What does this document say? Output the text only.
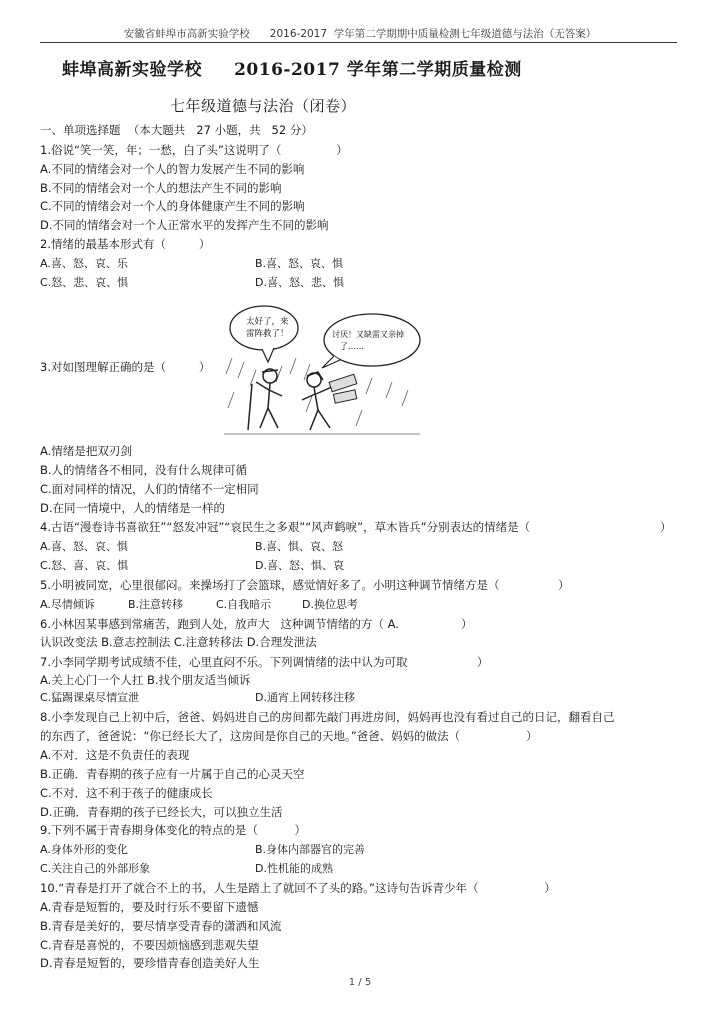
安徽省蚌埠市高新实验学校      2016-2017  学年第二学期期中质量检测七年级道德与法治（无答案）
蚌埠高新实验学校     2016-2017 学年第二学期质量检测
七年级道德与法治（闭卷）
一、单项选择题  （本大题共   27 小题，共   52 分）
1.俗说“笑一笑，年；一愁，白了头”这说明了（               ）
A.不同的情绪会对一个人的智力发展产生不同的影响
B.不同的情绪会对一个人的想法产生不同的影响
C.不同的情绪会对一个人的身体健康产生不同的影响
D.不同的情绪会对一个人正常水平的发挥产生不同的影响
2.情绪的最基本形式有（         ）
A.喜、怒、哀、乐	B.喜、怒、哀、惧
C.怒、悲、哀、惧	D.喜、怒、悲、惧
太好了，来
雷阵救了！	讨厌！又缺雷又亲掉
了……
3.对如图理解正确的是（         ）
A.情绪是把双刃剑
B.人的情绪各不相同，没有什么规律可循
C.面对同样的情况，人们的情绪不一定相同
D.在同一情境中，人的情绪是一样的
4.古语“漫卷诗书喜欲狂”“怒发冲冠”“哀民生之多艰”“风声鹤唳”，草木皆兵”分别表达的情绪是（	）
A.喜、怒、哀、惧	B.喜、惧、哀、怒
C.怒、喜、哀、惧	D.喜、怒、惧、哀
5.小明被同宽，心里很郁闷。来操场打了会篮球，感觉情好多了。小明这种调节情绪方是（                ）
A.尽情倾诉	B.注意转移	C.自我暗示	D.换位思考
6.小林因某事感到常痛苦，跑到人处，放声大   这种调节情绪的方（ A.                 ）
认识改变法 B.意志控制法 C.注意转移法 D.合理发泄法
7.小李同学期考试成绩不佳，心里直闷不乐。下列调情绪的法中认为可取                   ）
A.关上心门一个人扛 B.找个朋友适当倾诉
C.猛踢课桌尽情宣泄	D.通宵上网转移注移
8.小李发现自己上初中后，爸爸、妈妈进自己的房间都先敲门再进房间，妈妈再也没有看过自己的日记，翻看自己
的东西了，爸爸说：“你已经长大了，这房间是你自己的天地。”爸爸、妈妈的做法（                  ）
A.不对．这是不负责任的表现
B.正确．青春期的孩子应有一片属于自己的心灵天空
C.不对．这不利于孩子的健康成长
D.正确．青春期的孩子已经长大，可以独立生活
9.下列不属于青春期身体变化的特点的是（          ）
A.身体外形的变化	B.身体内部器官的完善
C.关注自己的外部形象	D.性机能的成熟
10.“青春是打开了就合不上的书，人生是踏上了就回不了头的路。”这诗句告诉青少年（                  ）
A.青春是短暂的，要及时行乐不要留下遗憾
B.青春是美好的，要尽情享受青春的潇洒和风流
C.青春是喜悦的，不要因烦恼感到悲观失望
D.青春是短暂的，要珍惜青春创造美好人生
1 / 5
